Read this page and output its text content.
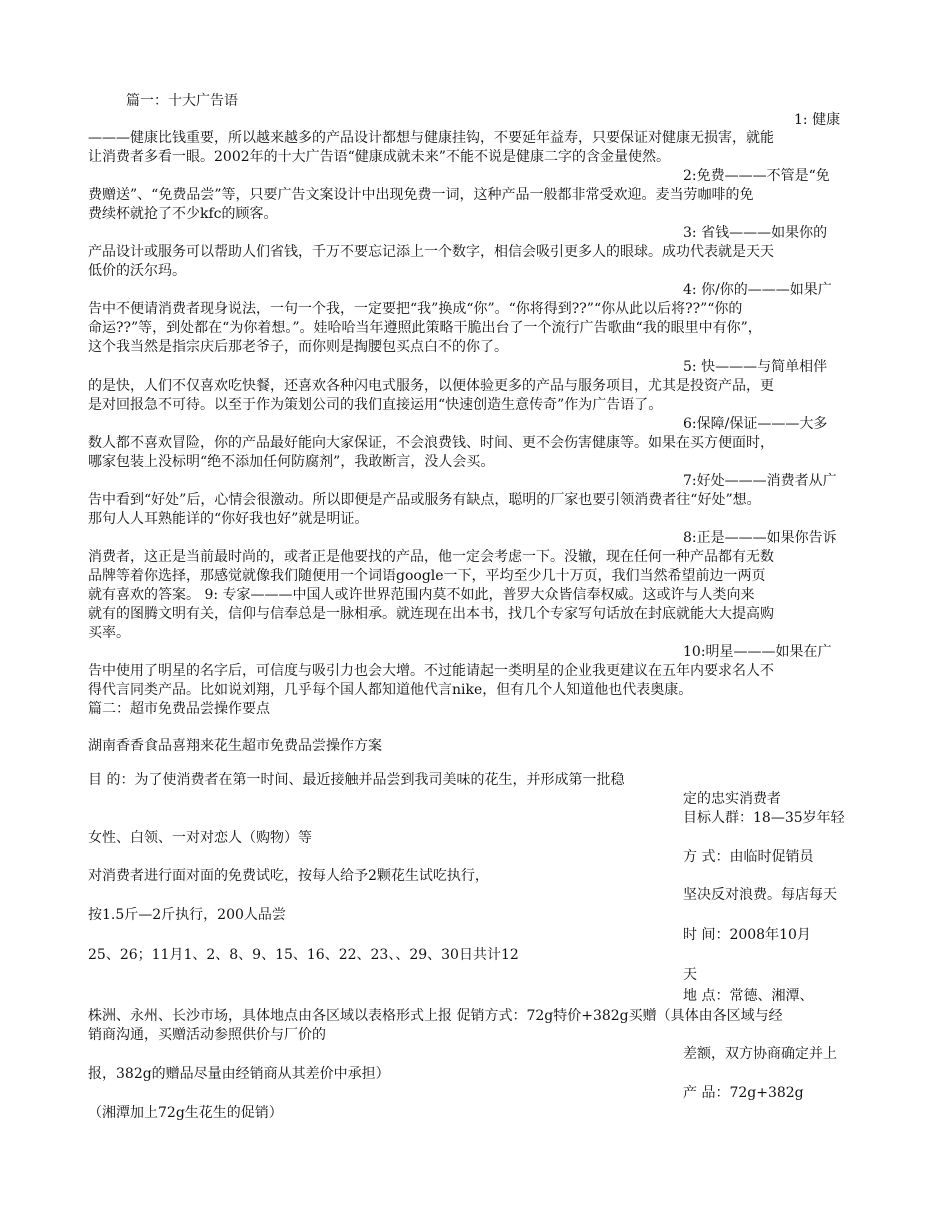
篇一：十大广告语
1: 健康
———健康比钱重要，所以越来越多的产品设计都想与健康挂钩，不要延年益寿，只要保证对健康无损害，就能
让消费者多看一眼。2002年的十大广告语“健康成就未来”不能不说是健康二字的含金量使然。
2:免费———不管是“免
费赠送”、“免费品尝”等，只要广告文案设计中出现免费一词，这种产品一般都非常受欢迎。麦当劳咖啡的免
费续杯就抢了不少kfc的顾客。
3: 省钱———如果你的
产品设计或服务可以帮助人们省钱，千万不要忘记添上一个数字，相信会吸引更多人的眼球。成功代表就是天天
低价的沃尔玛。
4: 你/你的———如果广
告中不便请消费者现身说法，一句一个我，一定要把“我”换成“你”。“你将得到??”“你从此以后将??”“你的
命运??”等，到处都在“为你着想。”。娃哈哈当年遵照此策略干脆出台了一个流行广告歌曲“我的眼里中有你”，
这个我当然是指宗庆后那老爷子，而你则是掏腰包买点白不的你了。
5: 快———与简单相伴
的是快，人们不仅喜欢吃快餐，还喜欢各种闪电式服务，以便体验更多的产品与服务项目，尤其是投资产品，更
是对回报急不可待。以至于作为策划公司的我们直接运用“快速创造生意传奇”作为广告语了。
6:保障/保证———大多
数人都不喜欢冒险，你的产品最好能向大家保证，不会浪费钱、时间、更不会伤害健康等。如果在买方便面时，
哪家包装上没标明“绝不添加任何防腐剂”，我敢断言，没人会买。
7:好处———消费者从广
告中看到“好处”后，心情会很激动。所以即便是产品或服务有缺点，聪明的厂家也要引领消费者往“好处”想。
那句人人耳熟能详的“你好我也好”就是明证。
8:正是———如果你告诉
消费者，这正是当前最时尚的，或者正是他要找的产品，他一定会考虑一下。没辙，现在任何一种产品都有无数
品牌等着你选择，那感觉就像我们随便用一个词语google一下，平均至少几十万页，我们当然希望前边一两页
就有喜欢的答案。 9: 专家———中国人或许世界范围内莫不如此，普罗大众皆信奉权威。这或许与人类向来
就有的图腾文明有关，信仰与信奉总是一脉相承。就连现在出本书，找几个专家写句话放在封底就能大大提高购
买率。
10:明星———如果在广
告中使用了明星的名字后，可信度与吸引力也会大增。不过能请起一类明星的企业我更建议在五年内要求名人不
得代言同类产品。比如说刘翔，几乎每个国人都知道他代言nike，但有几个人知道他也代表奥康。
篇二：超市免费品尝操作要点
湖南香香食品喜翔来花生超市免费品尝操作方案
目 的：为了使消费者在第一时间、最近接触并品尝到我司美味的花生，并形成第一批稳
定的忠实消费者
目标人群：18—35岁年轻
女性、白领、一对对恋人（购物）等
方 式：由临时促销员
对消费者进行面对面的免费试吃，按每人给予2颗花生试吃执行，
坚决反对浪费。每店每天
按1.5斤—2斤执行，200人品尝
时 间：2008年10月
25、26；11月1、2、8、9、15、16、22、23、、29、30日共计12
天
地 点：常德、湘潭、
株洲、永州、长沙市场，具体地点由各区域以表格形式上报 促销方式：72g特价+382g买赠（具体由各区域与经
销商沟通，买赠活动参照供价与厂价的
差额，双方协商确定并上
报，382g的赠品尽量由经销商从其差价中承担）
产 品：72g+382g
（湘潭加上72g生花生的促销）
